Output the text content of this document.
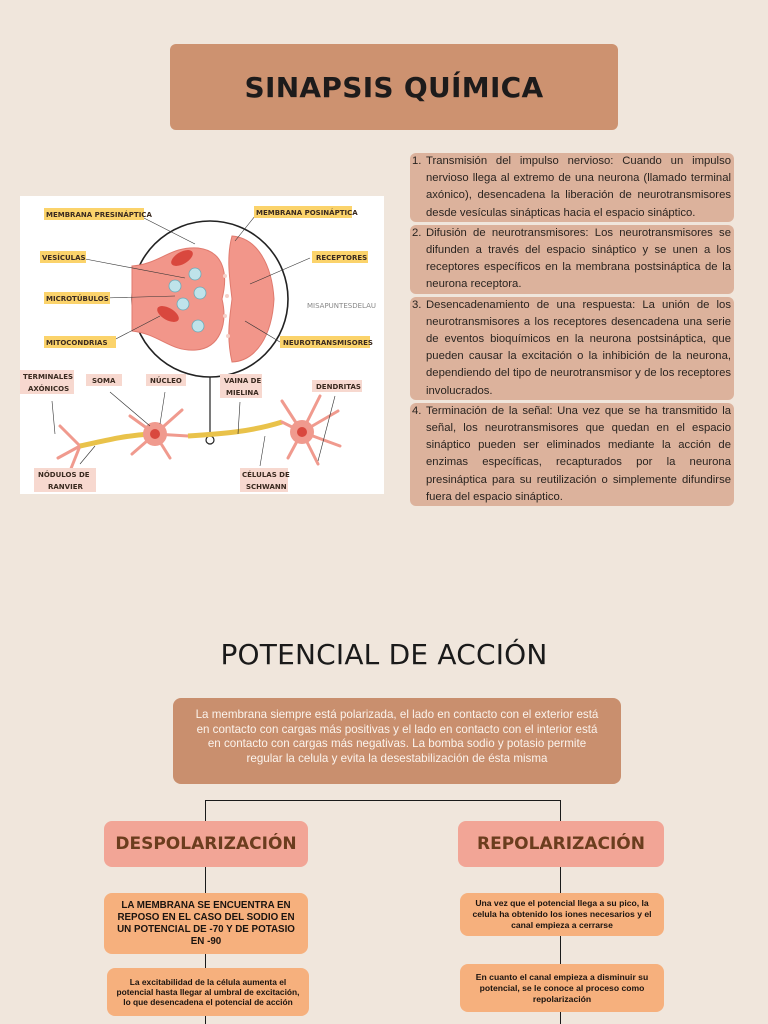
SINAPSIS QUÍMICA
MEMBRANA PRESINÁPTICA	MEMBRANA POSINÁPTICA
VESÍCULAS	RECEPTORES
MICROTÚBULOS
MISAPUNTESDELAU
MITOCONDRIAS	NEUROTRANSMISORES
TERMINALES
AXÓNICOS
SOMA	NÚCLEO	VAINA DE
MIELINA
DENDRITAS
NÓDULOS DE
RANVIER
CÉLULAS DE
SCHWANN
1. Transmisión del impulso nervioso: Cuando un impulso nervioso llega al extremo de una neurona (llamado terminal axónico), desencadena la liberación de neurotransmisores desde vesículas sinápticas hacia el espacio sináptico.
2. Difusión de neurotransmisores: Los neurotransmisores se difunden a través del espacio sináptico y se unen a los receptores específicos en la membrana postsináptica de la neurona receptora.
3. Desencadenamiento de una respuesta: La unión de los neurotransmisores a los receptores desencadena una serie de eventos bioquímicos en la neurona postsináptica, que pueden causar la excitación o la inhibición de la neurona, dependiendo del tipo de neurotransmisor y de los receptores involucrados.
4. Terminación de la señal: Una vez que se ha transmitido la señal, los neurotransmisores que quedan en el espacio sináptico pueden ser eliminados mediante la acción de enzimas específicas, recapturados por la neurona presináptica para su reutilización o simplemente difundirse fuera del espacio sináptico.
POTENCIAL DE ACCIÓN
La membrana siempre está polarizada, el lado en contacto con el exterior está en contacto con cargas más positivas y el lado en contacto con el interior está en contacto con cargas más negativas. La bomba sodio y potasio permite regular la celula y evita la desestabilización de ésta misma
DESPOLARIZACIÓN	REPOLARIZACIÓN
LA MEMBRANA SE ENCUENTRA EN REPOSO EN EL CASO DEL SODIO EN UN POTENCIAL DE -70 Y DE POTASIO EN -90
La excitabilidad de la célula aumenta el potencial hasta llegar al umbral de excitación, lo que desencadena el potencial de acción
Una vez que el potencial llega a su pico, la celula ha obtenido los iones necesarios y el canal empieza a cerrarse
En cuanto el canal empieza a disminuir su potencial, se le conoce al proceso como repolarización
